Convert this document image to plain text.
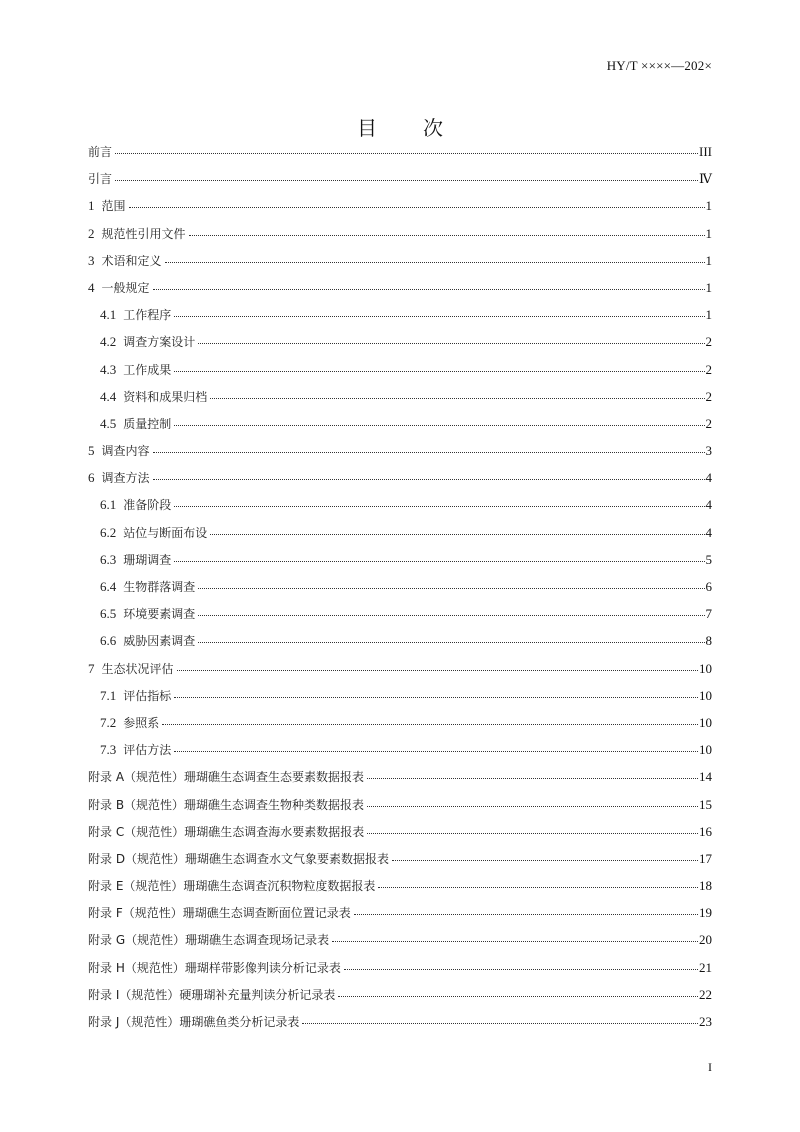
HY/T ××××—202×
目 次
前言	III
引言	Ⅳ
1 范围	1
2 规范性引用文件	1
3 术语和定义	1
4 一般规定	1
4.1 工作程序	1
4.2 调查方案设计	2
4.3 工作成果	2
4.4 资料和成果归档	2
4.5 质量控制	2
5 调查内容	3
6 调查方法	4
6.1 准备阶段	4
6.2 站位与断面布设	4
6.3 珊瑚调查	5
6.4 生物群落调查	6
6.5 环境要素调查	7
6.6 威胁因素调查	8
7 生态状况评估	10
7.1 评估指标	10
7.2 参照系	10
7.3 评估方法	10
附录 A（规范性）珊瑚礁生态调查生态要素数据报表	14
附录 B（规范性）珊瑚礁生态调查生物种类数据报表	15
附录 C（规范性）珊瑚礁生态调查海水要素数据报表	16
附录 D（规范性）珊瑚礁生态调查水文气象要素数据报表	17
附录 E（规范性）珊瑚礁生态调查沉积物粒度数据报表	18
附录 F（规范性）珊瑚礁生态调查断面位置记录表	19
附录 G（规范性）珊瑚礁生态调查现场记录表	20
附录 H（规范性）珊瑚样带影像判读分析记录表	21
附录 I（规范性）硬珊瑚补充量判读分析记录表	22
附录 J（规范性）珊瑚礁鱼类分析记录表	23
I
